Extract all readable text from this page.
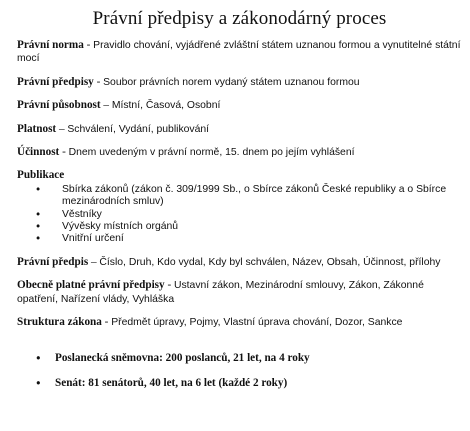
Právní předpisy a zákonodárný proces
Právní norma - Pravidlo chování, vyjádřené zvláštní státem uznanou formou a vynutitelné státní mocí
Právní předpisy - Soubor právních norem vydaný státem uznanou formou
Právní působnost – Místní, Časová, Osobní
Platnost – Schválení, Vydání, publikování
Účinnost - Dnem uvedeným v právní normě, 15. dnem po jejím vyhlášení
Publikace
• Sbírka zákonů (zákon č. 309/1999 Sb., o Sbírce zákonů České republiky a o Sbírce
mezinárodních smluv)
• Věstníky
• Vývěsky místních orgánů
• Vnitřní určení
Právní předpis – Číslo, Druh, Kdo vydal, Kdy byl schválen, Název, Obsah, Účinnost, přílohy
Obecně platné právní předpisy - Ustavní zákon, Mezinárodní smlouvy, Zákon, Zákonné opatření, Nařízení vlády, Vyhláška
Struktura zákona - Předmět úpravy, Pojmy, Vlastní úprava chování, Dozor, Sankce
• Poslanecká sněmovna: 200 poslanců, 21 let, na 4 roky
• Senát: 81 senátorů, 40 let, na 6 let (každé 2 roky)
